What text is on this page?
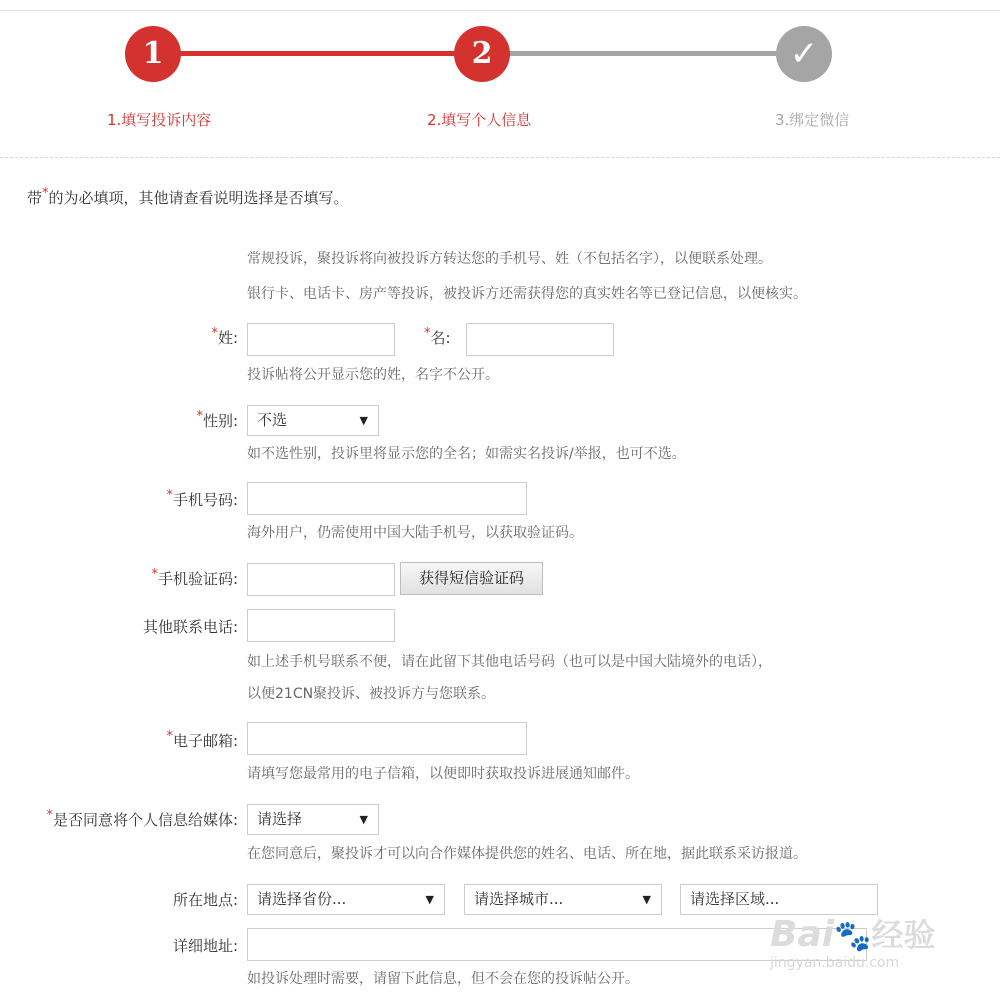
1	2	✓
1.填写投诉内容	2.填写个人信息	3.绑定微信
带*的为必填项，其他请查看说明选择是否填写。
常规投诉，聚投诉将向被投诉方转达您的手机号、姓（不包括名字），以便联系处理。
银行卡、电话卡、房产等投诉，被投诉方还需获得您的真实姓名等已登记信息，以便核实。
*姓:	*名:
投诉帖将公开显示您的姓，名字不公开。
*性别:	不选	▼
如不选性别，投诉里将显示您的全名；如需实名投诉/举报，也可不选。
*手机号码:
海外用户，仍需使用中国大陆手机号，以获取验证码。
*手机验证码:	获得短信验证码
其他联系电话:
如上述手机号联系不便，请在此留下其他电话号码（也可以是中国大陆境外的电话），
以便21CN聚投诉、被投诉方与您联系。
*电子邮箱:
请填写您最常用的电子信箱，以便即时获取投诉进展通知邮件。
*是否同意将个人信息给媒体:	请选择	▼
在您同意后，聚投诉才可以向合作媒体提供您的姓名、电话、所在地，据此联系采访报道。
所在地点:	请选择省份...	▼	请选择城市...	▼	请选择区域...
详细地址:
如投诉处理时需要，请留下此信息，但不会在您的投诉帖公开。
Bai🐾经验
jingyan.baidu.com
